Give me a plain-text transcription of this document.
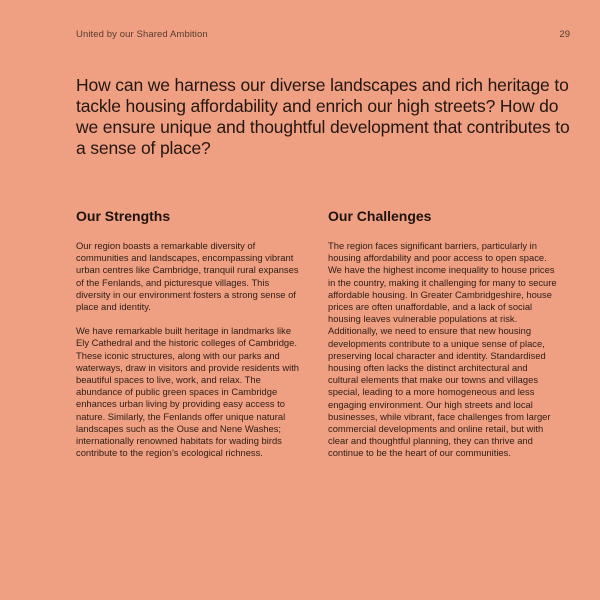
United by our Shared Ambition	29
How can we harness our diverse landscapes and rich heritage to tackle housing affordability and enrich our high streets? How do we ensure unique and thoughtful development that contributes to a sense of place?
Our Strengths

Our region boasts a remarkable diversity of communities and landscapes, encompassing vibrant urban centres like Cambridge, tranquil rural expanses of the Fenlands, and picturesque villages. This diversity in our environment fosters a strong sense of place and identity.

We have remarkable built heritage in landmarks like Ely Cathedral and the historic colleges of Cambridge. These iconic structures, along with our parks and waterways, draw in visitors and provide residents with beautiful spaces to live, work, and relax. The abundance of public green spaces in Cambridge enhances urban living by providing easy access to nature. Similarly, the Fenlands offer unique natural landscapes such as the Ouse and Nene Washes; internationally renowned habitats for wading birds contribute to the region’s ecological richness.

Our Challenges

The region faces significant barriers, particularly in housing affordability and poor access to open space. We have the highest income inequality to house prices in the country, making it challenging for many to secure affordable housing. In Greater Cambridgeshire, house prices are often unaffordable, and a lack of social housing leaves vulnerable populations at risk. Additionally, we need to ensure that new housing developments contribute to a unique sense of place, preserving local character and identity. Standardised housing often lacks the distinct architectural and cultural elements that make our towns and villages special, leading to a more homogeneous and less engaging environment. Our high streets and local businesses, while vibrant, face challenges from larger commercial developments and online retail, but with clear and thoughtful planning, they can thrive and continue to be the heart of our communities.
